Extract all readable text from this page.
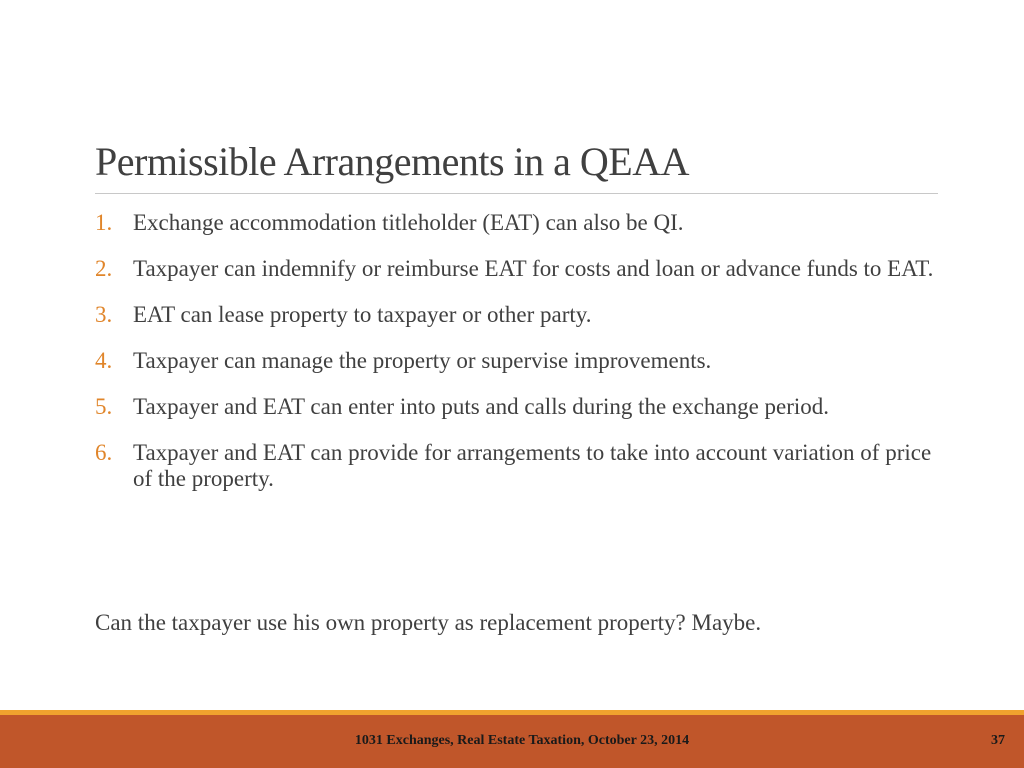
Permissible Arrangements in a QEAA
1. Exchange accommodation titleholder (EAT) can also be QI.
2. Taxpayer can indemnify or reimburse EAT for costs and loan or advance funds to EAT.
3. EAT can lease property to taxpayer or other party.
4. Taxpayer can manage the property or supervise improvements.
5. Taxpayer and EAT can enter into puts and calls during the exchange period.
6. Taxpayer and EAT can provide for arrangements to take into account variation of price of the property.
Can the taxpayer use his own property as replacement property? Maybe.
1031 Exchanges, Real Estate Taxation, October 23, 2014	37
